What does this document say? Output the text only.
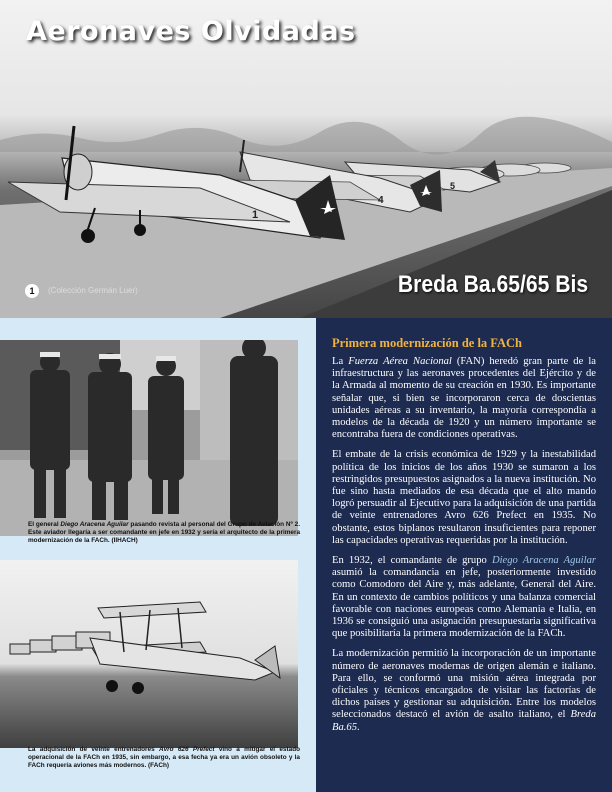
5
4
1
Aeronaves Olvidadas
Breda Ba.65/65 Bis
1	(Colección Germán Luer)
El general Diego Aracena Aguilar pasando revista al personal del Grupo de Aviación Nº 2. Este aviador llegaría a ser comandante en jefe en 1932 y sería el arquitecto de la primera modernización de la FACh. (IIHACH)
La adquisición de veinte entrenadores Avro 626 Prefect vino a mitigar el estado operacional de la FACh en 1935, sin embargo, a esa fecha ya era un avión obsoleto y la FACh requería aviones más modernos. (FACh)
Primera modernización de la FACh

La Fuerza Aérea Nacional (FAN) heredó gran parte de la infraestructura y las aeronaves procedentes del Ejército y de la Armada al momento de su creación en 1930. Es importante señalar que, si bien se incorporaron cerca de doscientas unidades aéreas a su inventario, la mayoría correspondía a modelos de la década de 1920 y un número importante se encontraba fuera de condiciones operativas.

El embate de la crisis económica de 1929 y la inestabilidad política de los inicios de los años 1930 se sumaron a los restringidos presupuestos asignados a la nueva institución. No fue sino hasta mediados de esa década que el alto mando logró persuadir al Ejecutivo para la adquisición de una partida de veinte entrenadores Avro 626 Prefect en 1935. No obstante, estos biplanos resultaron insuficientes para reponer las capacidades operativas requeridas por la institución.

En 1932, el comandante de grupo Diego Aracena Aguilar asumió la comandancia en jefe, posteriormente investido como Comodoro del Aire y, más adelante, General del Aire. En un contexto de cambios políticos y una balanza comercial favorable con naciones europeas como Alemania e Italia, en 1936 se consiguió una asignación presupuestaria significativa que posibilitaría la primera modernización de la FACh.

La modernización permitió la incorporación de un importante número de aeronaves modernas de origen alemán e italiano. Para ello, se conformó una misión aérea integrada por oficiales y técnicos encargados de visitar las factorías de dichos países y gestionar su adquisición. Entre los modelos seleccionados destacó el avión de asalto italiano, el Breda Ba.65.
